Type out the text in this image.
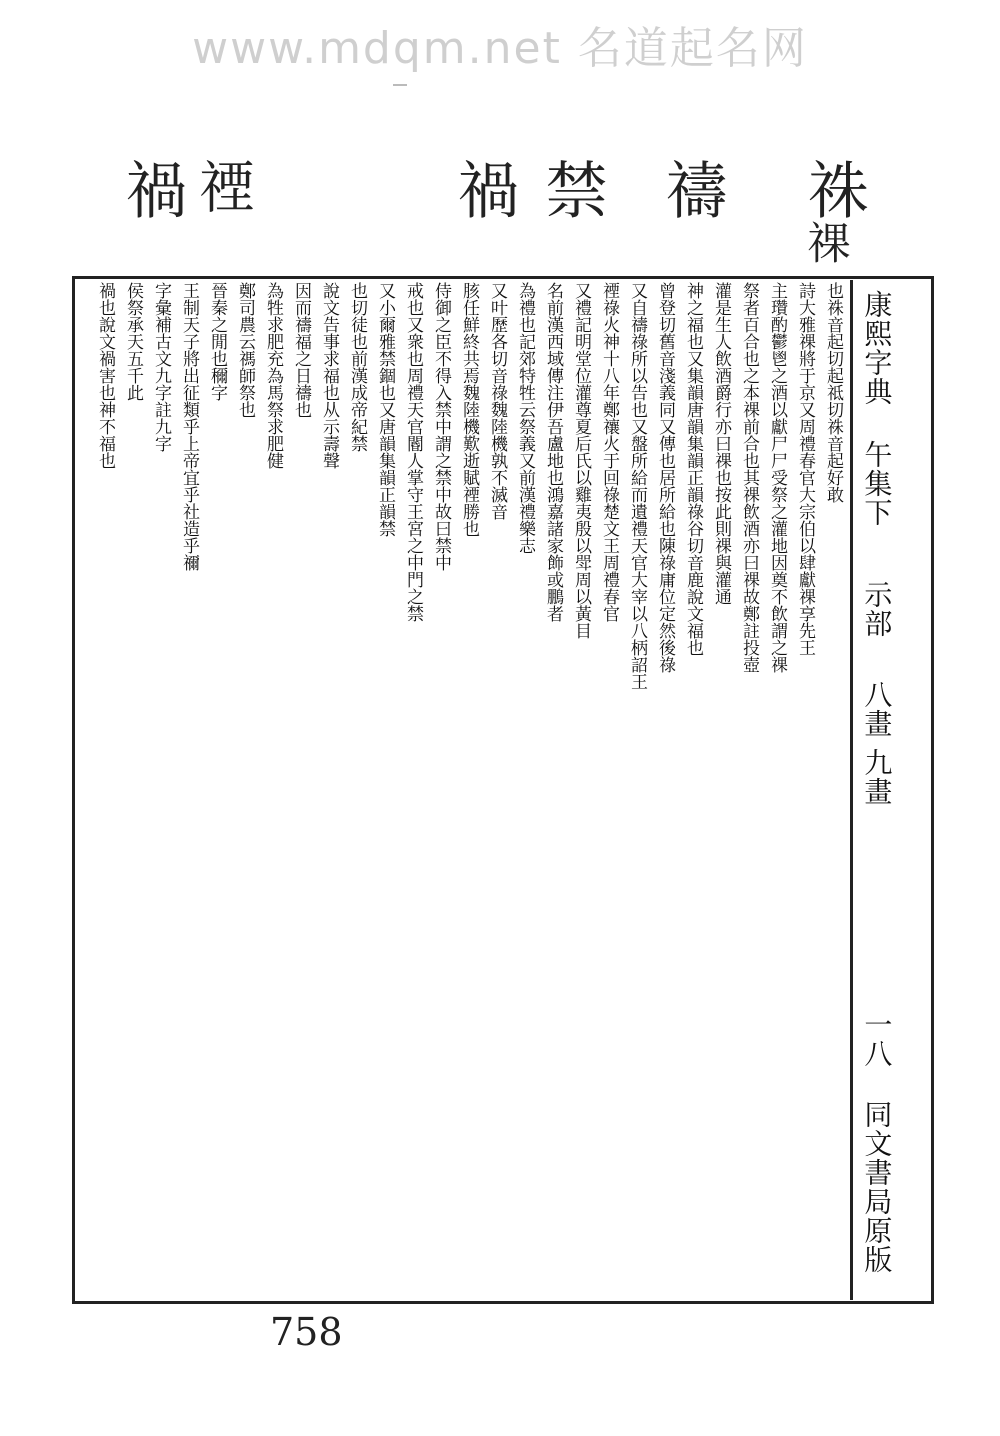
www.mdqm.net 名道起名网
祩
祼
禱
禁
禍
禋
禍
康熙字典
午集下
示部
八畫 九畫
一八
同文書局原版
也祩音起切起祗切祩音起好敢
詩大雅祼將于京又周禮春官大宗伯以肆獻祼享先王
主瓚酌鬱鬯之酒以獻尸尸受祭之灌地因奠不飲謂之祼
祭者百合也之本祼前合也其祼飲酒亦曰祼故鄭註投壺
灌是生人飲酒爵行亦曰祼也按此則祼與灌通
神之福也又集韻唐韻集韻正韻祿谷切音鹿說文福也
曾登切舊音淺義同又傳也居所給也陳祿庸位定然後祿
又自禱祿所以告也又盤所給而遺禮天官大宰以八柄詔王
禋祿火神十八年鄭禳火于回祿楚文王周禮春官
又禮記明堂位灌尊夏后氏以雞夷殷以斝周以黃目
名前漢西域傳注伊吾盧地也鴻嘉諸家飾或鵬者
為禮也記郊特牲云祭義又前漢禮樂志
又叶歷各切音祿魏陸機孰不滅音
胲任鮮終共焉魏陸機歎逝賦禋勝也
侍御之臣不得入禁中謂之禁中故曰禁中
戒也又衆也周禮天官閽人掌守王宮之中門之禁
又小爾雅禁錮也又唐韻集韻正韻禁
也切徒也前漢成帝紀禁
說文告事求福也从示壽聲
因而禱福之日禱也
為牲求肥充為馬祭求肥健
鄭司農云禡師祭也
晉秦之閒也穪字
王制天子將出征類乎上帝宜乎社造乎禰
字彙補古文九字註九字
侯祭承天五千此
禍也說文禍害也神不福也
758
